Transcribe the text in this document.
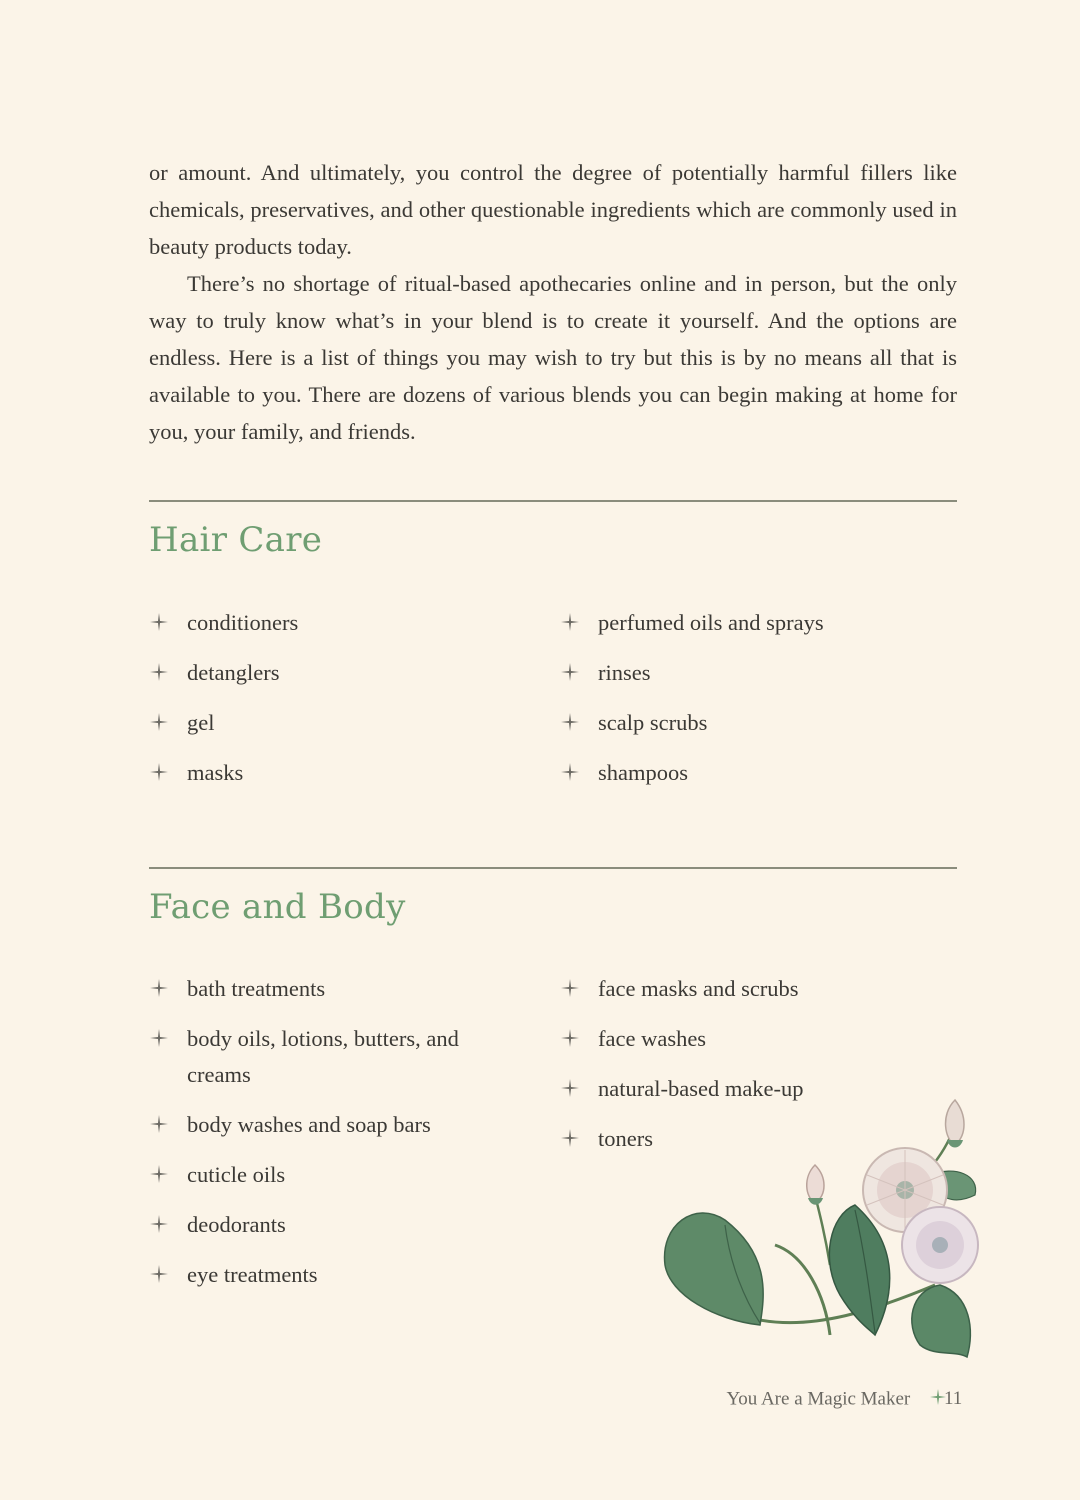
or amount. And ultimately, you control the degree of potentially harmful fillers like chemicals, preservatives, and other questionable ingredients which are commonly used in beauty products today.

There’s no shortage of ritual-based apothecaries online and in person, but the only way to truly know what’s in your blend is to create it yourself. And the options are endless. Here is a list of things you may wish to try but this is by no means all that is available to you. There are dozens of various blends you can begin making at home for you, your family, and friends.

Hair Care
conditioners
detanglers
gel
masks
perfumed oils and sprays
rinses
scalp scrubs
shampoos
Face and Body
bath treatments
body oils, lotions, butters, and creams
body washes and soap bars
cuticle oils
deodorants
eye treatments
face masks and scrubs
face washes
natural-based make-up
toners
You Are a Magic Maker	11
